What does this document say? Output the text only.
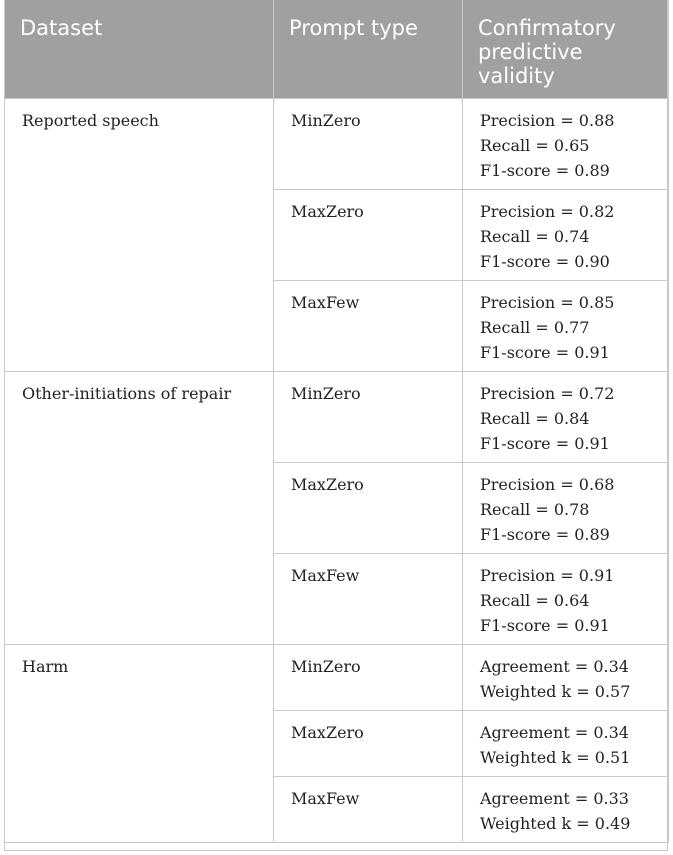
Dataset	Prompt type	Confirmatory predictive validity
Reported speech	MinZero	Precision = 0.88
Recall = 0.65
F1-score = 0.89

	MaxZero	Precision = 0.82
Recall = 0.74
F1-score = 0.90

	MaxFew	Precision = 0.85
Recall = 0.77
F1-score = 0.91

Other-initiations of repair	MinZero	Precision = 0.72
Recall = 0.84
F1-score = 0.91

	MaxZero	Precision = 0.68
Recall = 0.78
F1-score = 0.89

	MaxFew	Precision = 0.91
Recall = 0.64
F1-score = 0.91

Harm	MinZero	Agreement = 0.34
Weighted k = 0.57

	MaxZero	Agreement = 0.34
Weighted k = 0.51

	MaxFew	Agreement = 0.33
Weighted k = 0.49
